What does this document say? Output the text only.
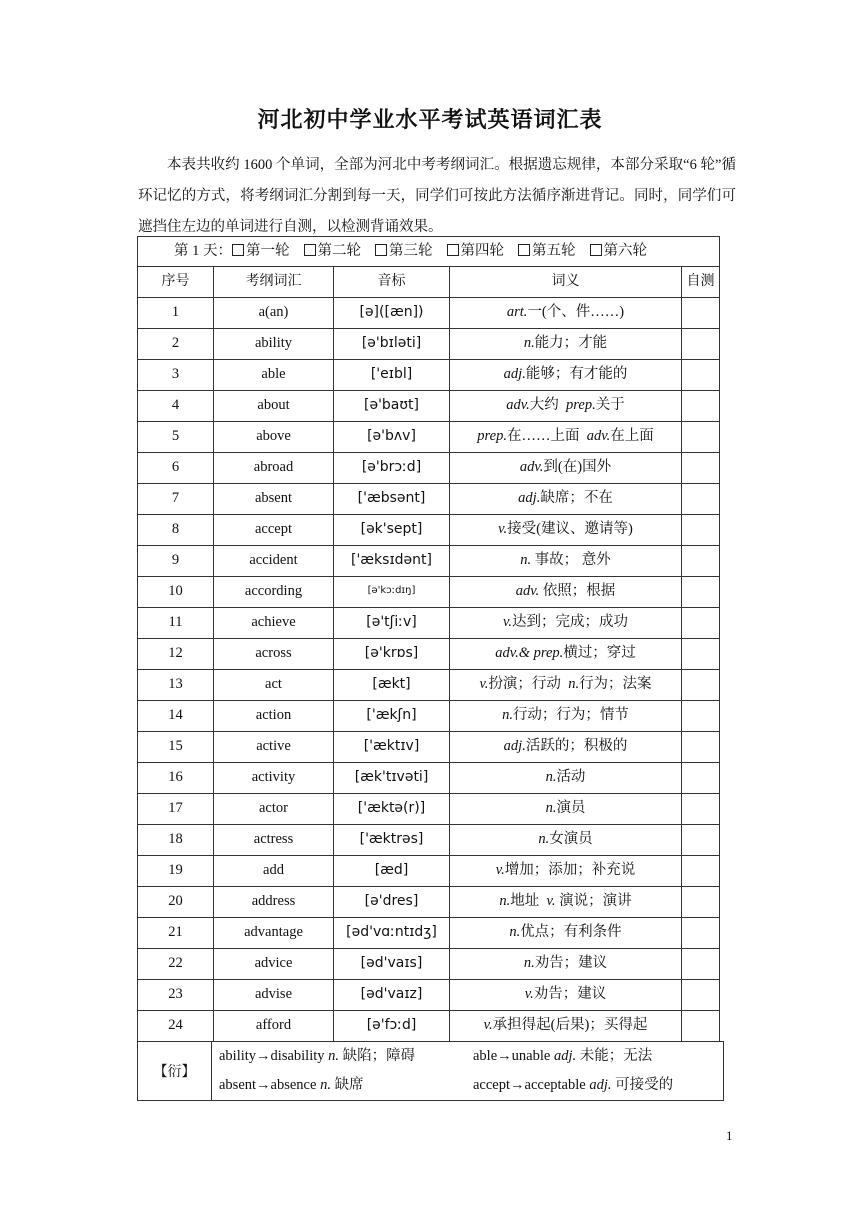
河北初中学业水平考试英语词汇表
本表共收约 1600 个单词，全部为河北中考考纲词汇。根据遗忘规律，本部分采取“6 轮”循环记忆的方式，将考纲词汇分割到每一天，同学们可按此方法循序渐进背记。同时，同学们可遮挡住左边的单词进行自测，以检测背诵效果。
第 1 天： 第一轮 第二轮 第三轮 第四轮 第五轮 第六轮				
序号	考纲词汇	音标	词义	自测
1	a(an)	[ə]([æn])	art.一(个、件……)	
2	ability	[ə'bɪləti]	n.能力；才能	
3	able	['eɪbl]	adj.能够；有才能的	
4	about	[ə'baʊt]	adv.大约 prep.关于	
5	above	[ə'bʌv]	prep.在……上面 adv.在上面	
6	abroad	[ə'brɔːd]	adv.到(在)国外	
7	absent	['æbsənt]	adj.缺席；不在	
8	accept	[ək'sept]	v.接受(建议、邀请等)	
9	accident	['æksɪdənt]	n. 事故； 意外	
10	according	[ə'kɔːdɪŋ]	adv. 依照；根据	
11	achieve	[ə'tʃiːv]	v.达到；完成；成功	
12	across	[ə'krɒs]	adv.& prep.横过；穿过	
13	act	[ækt]	v.扮演；行动 n.行为；法案	
14	action	['ækʃn]	n.行动；行为；情节	
15	active	['æktɪv]	adj.活跃的；积极的	
16	activity	[æk'tɪvəti]	n.活动	
17	actor	['æktə(r)]	n.演员	
18	actress	['æktrəs]	n.女演员	
19	add	[æd]	v.增加；添加；补充说	
20	address	[ə'dres]	n.地址 v. 演说；演讲	
21	advantage	[əd'vɑːntɪdʒ]	n.优点；有利条件	
22	advice	[əd'vaɪs]	n.劝告；建议	
23	advise	[əd'vaɪz]	v.劝告；建议	
24	afford	[ə'fɔːd]	v.承担得起(后果)；买得起	
【衍】
ability→disability n. 缺陷；障碍	able→unable adj. 未能；无法
absent→absence n. 缺席	accept→acceptable adj. 可接受的
1
